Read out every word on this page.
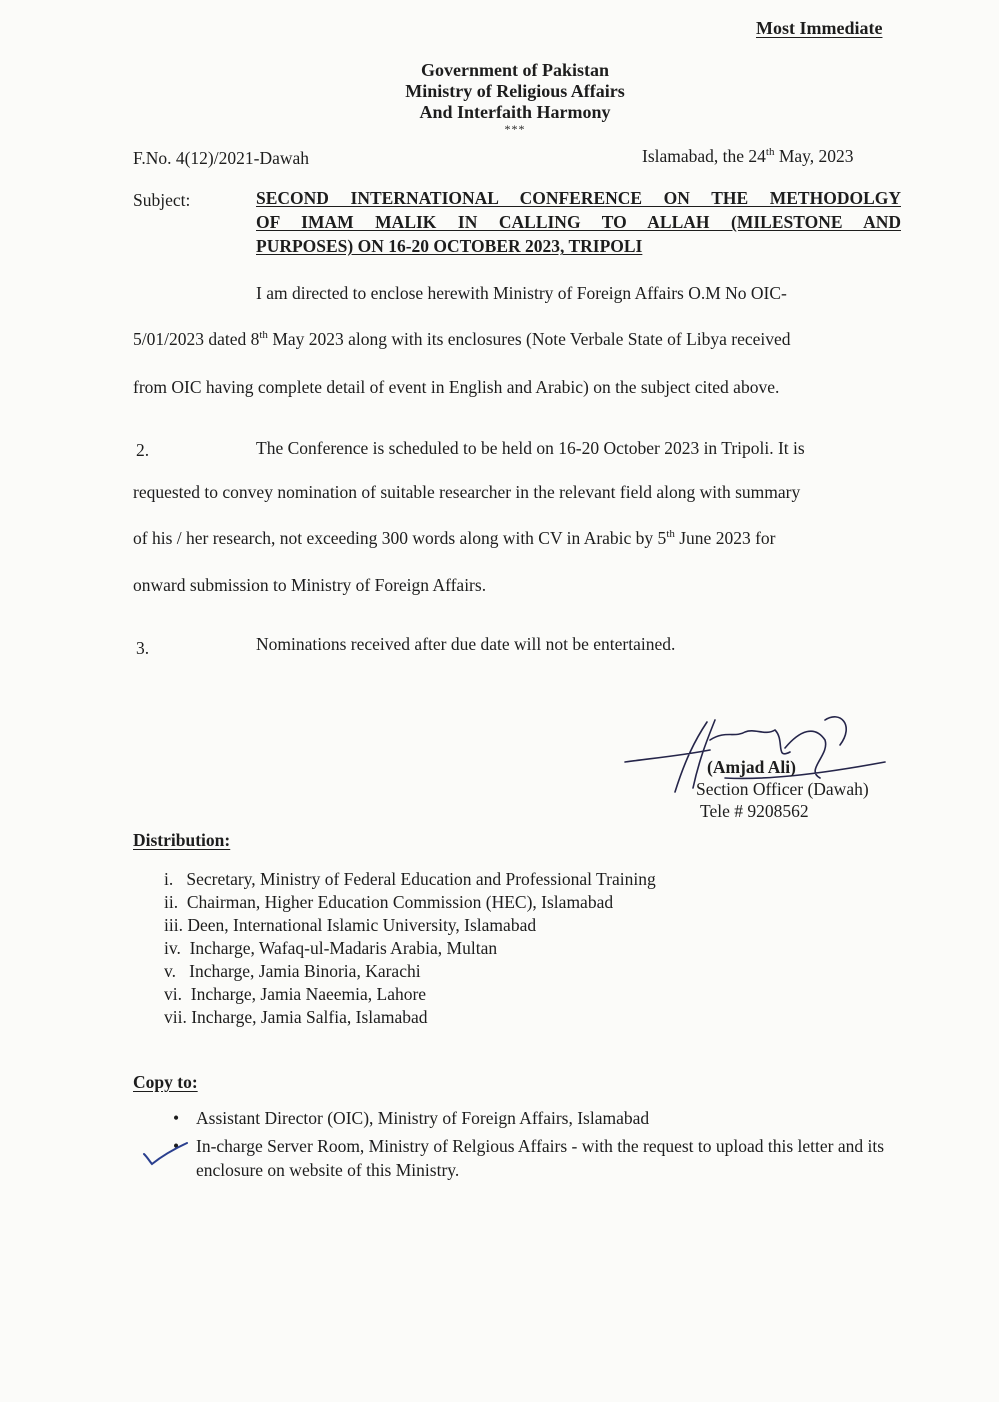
Most Immediate
Government of Pakistan
Ministry of Religious Affairs
And Interfaith Harmony
***
F.No. 4(12)/2021-Dawah	Islamabad, the 24th May, 2023
Subject:	SECOND INTERNATIONAL CONFERENCE ON THE METHODOLGY
OF IMAM MALIK IN CALLING TO ALLAH (MILESTONE AND
PURPOSES) ON 16-20 OCTOBER 2023, TRIPOLI
I am directed to enclose herewith Ministry of Foreign Affairs O.M No OIC-
5/01/2023 dated 8th May 2023 along with its enclosures (Note Verbale State of Libya received
from OIC having complete detail of event in English and Arabic) on the subject cited above.
2.	The Conference is scheduled to be held on 16-20 October 2023 in Tripoli. It is
requested to convey nomination of suitable researcher in the relevant field along with summary
of his / her research, not exceeding 300 words along with CV in Arabic by 5th June 2023 for
onward submission to Ministry of Foreign Affairs.
3.	Nominations received after due date will not be entertained.
(Amjad Ali)
Section Officer (Dawah)
Tele # 9208562
Distribution:
i.   Secretary, Ministry of Federal Education and Professional Training
ii.  Chairman, Higher Education Commission (HEC), Islamabad
iii. Deen, International Islamic University, Islamabad
iv.  Incharge, Wafaq-ul-Madaris Arabia, Multan
v.   Incharge, Jamia Binoria, Karachi
vi.  Incharge, Jamia Naeemia, Lahore
vii. Incharge, Jamia Salfia, Islamabad
Copy to:
• Assistant Director (OIC), Ministry of Foreign Affairs, Islamabad
• In-charge Server Room, Ministry of Relgious Affairs - with the request to upload this letter and its enclosure on website of this Ministry.
